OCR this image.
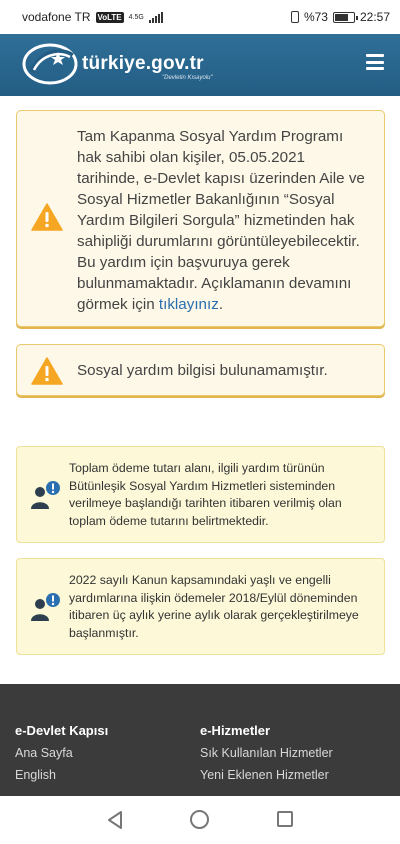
vodafone TR VoLTE 4.5G	%73	22:57
türkiye.gov.tr
"Devletin Kısayolu"
Tam Kapanma Sosyal Yardım Programı hak sahibi olan kişiler, 05.05.2021 tarihinde, e-Devlet kapısı üzerinden Aile ve Sosyal Hizmetler Bakanlığının “Sosyal Yardım Bilgileri Sorgula” hizmetinden hak sahipliği durumlarını görüntüleyebilecektir. Bu yardım için başvuruya gerek bulunmamaktadır. Açıklamanın devamını görmek için tıklayınız.
Sosyal yardım bilgisi bulunamamıştır.
Toplam ödeme tutarı alanı, ilgili yardım türünün Bütünleşik Sosyal Yardım Hizmetleri sisteminden verilmeye başlandığı tarihten itibaren verilmiş olan toplam ödeme tutarını belirtmektedir.
2022 sayılı Kanun kapsamındaki yaşlı ve engelli yardımlarına ilişkin ödemeler 2018/Eylül döneminden itibaren üç aylık yerine aylık olarak gerçekleştirilmeye başlanmıştır.
e-Devlet Kapısı
Ana Sayfa
English
e-Hizmetler
Sık Kullanılan Hizmetler
Yeni Eklenen Hizmetler
